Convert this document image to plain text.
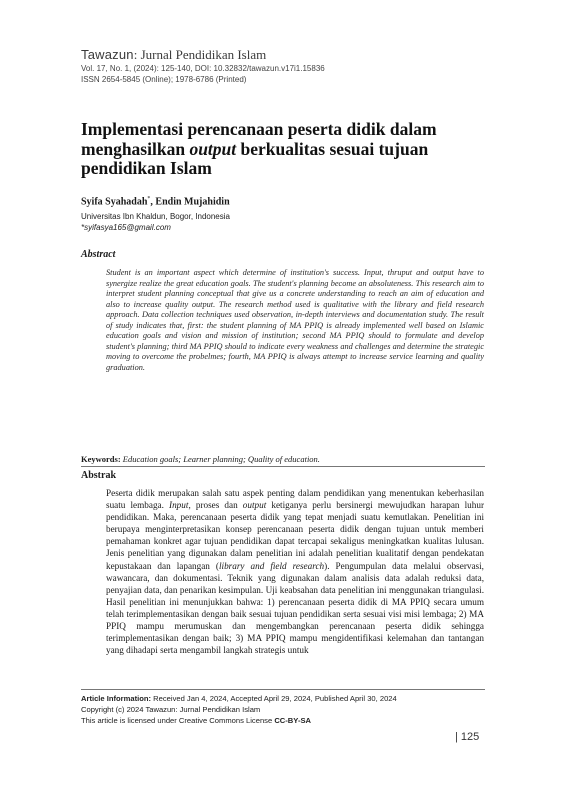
Tawazun: Jurnal Pendidikan Islam
Vol. 17, No. 1, (2024): 125-140, DOI: 10.32832/tawazun.v17i1.15836
ISSN 2654-5845 (Online); 1978-6786 (Printed)
Implementasi perencanaan peserta didik dalam menghasilkan output berkualitas sesuai tujuan pendidikan Islam
Syifa Syahadah*, Endin Mujahidin
Universitas Ibn Khaldun, Bogor, Indonesia
*syifasya165@gmail.com
Abstract
Student is an important aspect which determine of institution's success. Input, thruput and output have to synergize realize the great education goals. The student's planning become an absoluteness. This research aim to interpret student planning conceptual that give us a concrete understanding to reach an aim of education and also to increase quality output. The research method used is qualitative with the library and field research approach. Data collection techniques used observation, in-depth interviews and documentation study. The result of study indicates that, first: the student planning of MA PPIQ is already implemented well based on Islamic education goals and vision and mission of institution; second MA PPIQ should to formulate and develop student's planning; third MA PPIQ should to indicate every weakness and challenges and determine the strategic moving to overcome the probelmes; fourth, MA PPIQ is always attempt to increase service learning and quality graduation.
Keywords: Education goals; Learner planning; Quality of education.
Abstrak
Peserta didik merupakan salah satu aspek penting dalam pendidikan yang menentukan keberhasilan suatu lembaga. Input, proses dan output ketiganya perlu bersinergi mewujudkan harapan luhur pendidikan. Maka, perencanaan peserta didik yang tepat menjadi suatu kemutlakan. Penelitian ini berupaya menginterpretasikan konsep perencanaan peserta didik dengan tujuan untuk memberi pemahaman konkret agar tujuan pendidikan dapat tercapai sekaligus meningkatkan kualitas lulusan. Jenis penelitian yang digunakan dalam penelitian ini adalah penelitian kualitatif dengan pendekatan kepustakaan dan lapangan (library and field research). Pengumpulan data melalui observasi, wawancara, dan dokumentasi. Teknik yang digunakan dalam analisis data adalah reduksi data, penyajian data, dan penarikan kesimpulan. Uji keabsahan data penelitian ini menggunakan triangulasi. Hasil penelitian ini menunjukkan bahwa: 1) perencanaan peserta didik di MA PPIQ secara umum telah terimplementasikan dengan baik sesuai tujuan pendidikan serta sesuai visi misi lembaga; 2) MA PPIQ mampu merumuskan dan mengembangkan perencanaan peserta didik sehingga terimplementasikan dengan baik; 3) MA PPIQ mampu mengidentifikasi kelemahan dan tantangan yang dihadapi serta mengambil langkah strategis untuk
Article Information: Received Jan 4, 2024, Accepted April 29, 2024, Published April 30, 2024
Copyright (c) 2024 Tawazun: Jurnal Pendidikan Islam
This article is licensed under Creative Commons License CC-BY-SA
| 125
